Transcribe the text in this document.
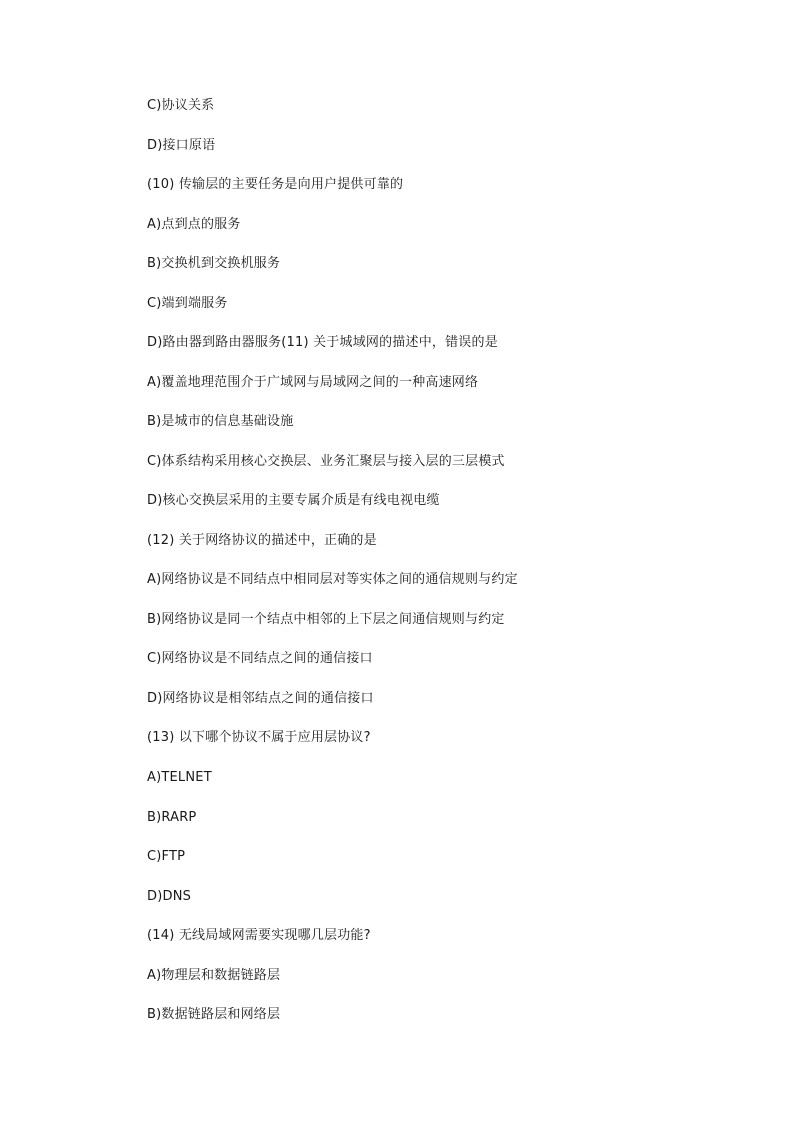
C)协议关系
D)接口原语
(10) 传输层的主要任务是向用户提供可靠的
A)点到点的服务
B)交换机到交换机服务
C)端到端服务
D)路由器到路由器服务(11) 关于城域网的描述中，错误的是
A)覆盖地理范围介于广域网与局域网之间的一种高速网络
B)是城市的信息基础设施
C)体系结构采用核心交换层、业务汇聚层与接入层的三层模式
D)核心交换层采用的主要专属介质是有线电视电缆
(12) 关于网络协议的描述中，正确的是
A)网络协议是不同结点中相同层对等实体之间的通信规则与约定
B)网络协议是同一个结点中相邻的上下层之间通信规则与约定
C)网络协议是不同结点之间的通信接口
D)网络协议是相邻结点之间的通信接口
(13) 以下哪个协议不属于应用层协议?
A)TELNET
B)RARP
C)FTP
D)DNS
(14) 无线局域网需要实现哪几层功能?
A)物理层和数据链路层
B)数据链路层和网络层
